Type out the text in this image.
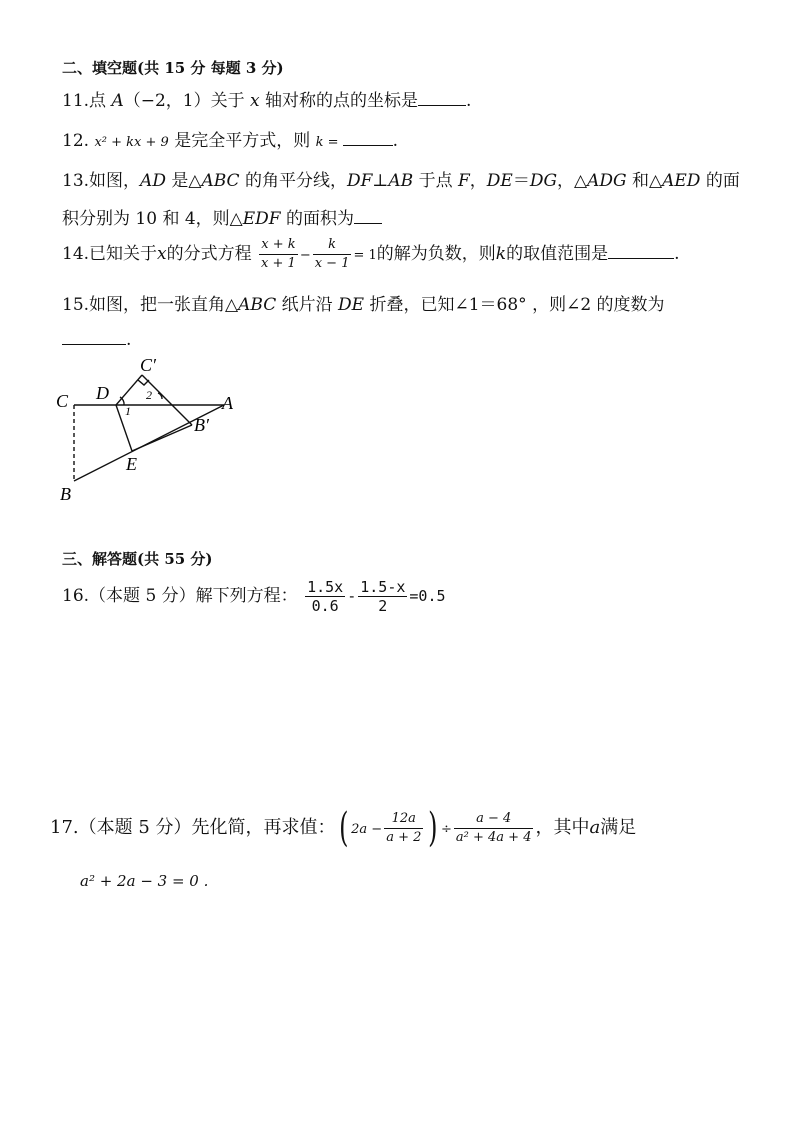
二、填空题(共 15 分 每题 3 分)
11.点 A（−2，1）关于 x 轴对称的点的坐标是	.
12. x² + kx + 9 是完全平方式，则 k =	.
13.如图，AD 是△ABC 的角平分线，DF⊥AB 于点 F，DE＝DG，△ADG 和△AED 的面
积分别为 10 和 4，则△EDF 的面积为
14.已知关于x的分式方程 $\frac{x + k}{x + 1} - \frac{k}{x - 1} = 1$的解为负数，则k的取值范围是	.
15.如图，把一张直角△ABC 纸片沿 DE 折叠，已知∠1＝68° ，则∠2 的度数为
.
C D
C′
A
B′
E
B
1
2
三、解答题(共 55 分)
16.（本题 5 分）解下列方程： $\frac{1.5x}{0.6} - \frac{1.5-x}{2} =0.5$
17.（本题 5 分）先化简，再求值：( $2a - \frac{12a}{a + 2}$ ) ÷ $\frac{a - 4}{\text{a² + 4a + 4}}$ ，其中a满足
a² + 2a − 3 = 0 .
